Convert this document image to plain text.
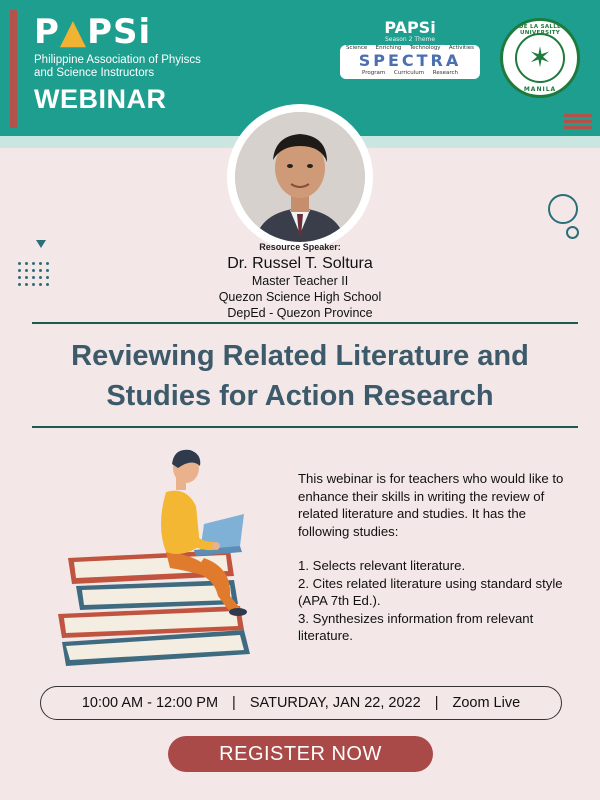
P▲PSi
Philippine Association of Phyiscs
and Science Instructors
WEBINAR
PAPSi
Season 2 Theme
Science Enriching Technology Activities
SPECTRA
Program Curriculum Research
DE LA SALLE UNIVERSITY
✶
MANILA
Resource Speaker:
Dr. Russel T. Soltura
Master Teacher II
Quezon Science High School
DepEd - Quezon Province
Reviewing Related Literature and
Studies for Action Research

This webinar is for teachers who would like to enhance their skills in writing the review of related literature and studies. It has the following studies:

1. Selects relevant literature.
2. Cites related literature using standard style (APA 7th Ed.).
3. Synthesizes information from relevant literature.
10:00 AM - 12:00 PM | SATURDAY, JAN 22, 2022 | Zoom Live
REGISTER NOW
